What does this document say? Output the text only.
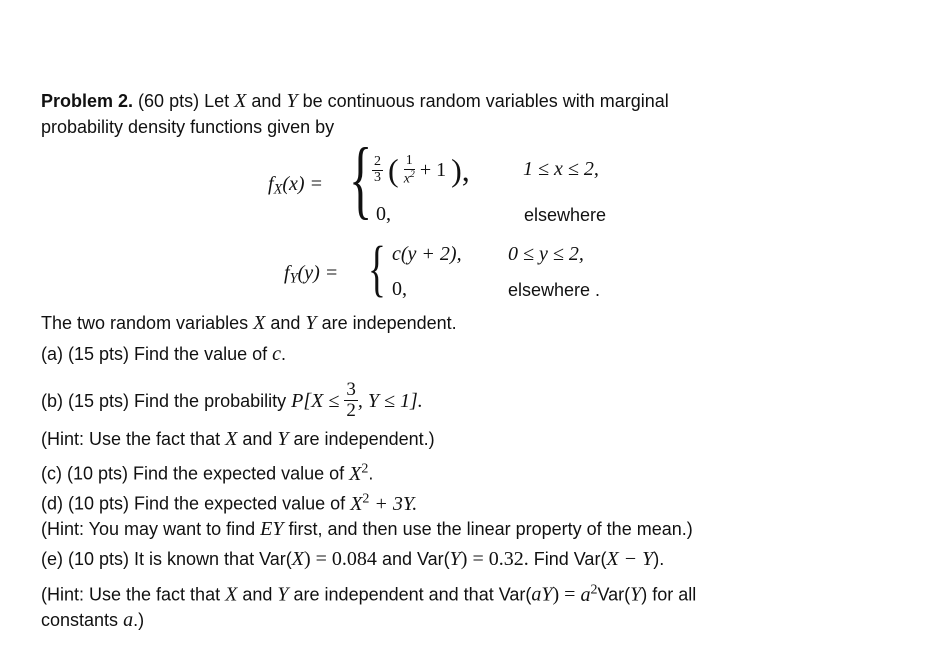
Problem 2. (60 pts) Let X and Y be continuous random variables with marginal
probability density functions given by
$f_X(x)$ = { $\frac{2}{3}$ ( $\frac{1}{x^2} + 1$ ),	1 ≤ x ≤ 2,
0,	elsewhere
$f_Y(y)$ = { c(y + 2), 0 ≤ y ≤ 2,
0,	elsewhere .
The two random variables X and Y are independent.
(a) (15 pts) Find the value of c.
(b) (15 pts) Find the probability $P[X \le \frac{3}{2}$ , Y ≤ 1].
(Hint: Use the fact that X and Y are independent.)
(c) (10 pts) Find the expected value of $X^2$.
(d) (10 pts) Find the expected value of $X^2 + 3Y$.
(Hint: You may want to find EY first, and then use the linear property of the mean.)
(e) (10 pts) It is known that Var(X) = 0.084 and Var(Y) = 0.32. Find Var(X − Y).
(Hint: Use the fact that X and Y are independent and that $Var(aY) = a^2Var(Y)$ for all
constants a.)
